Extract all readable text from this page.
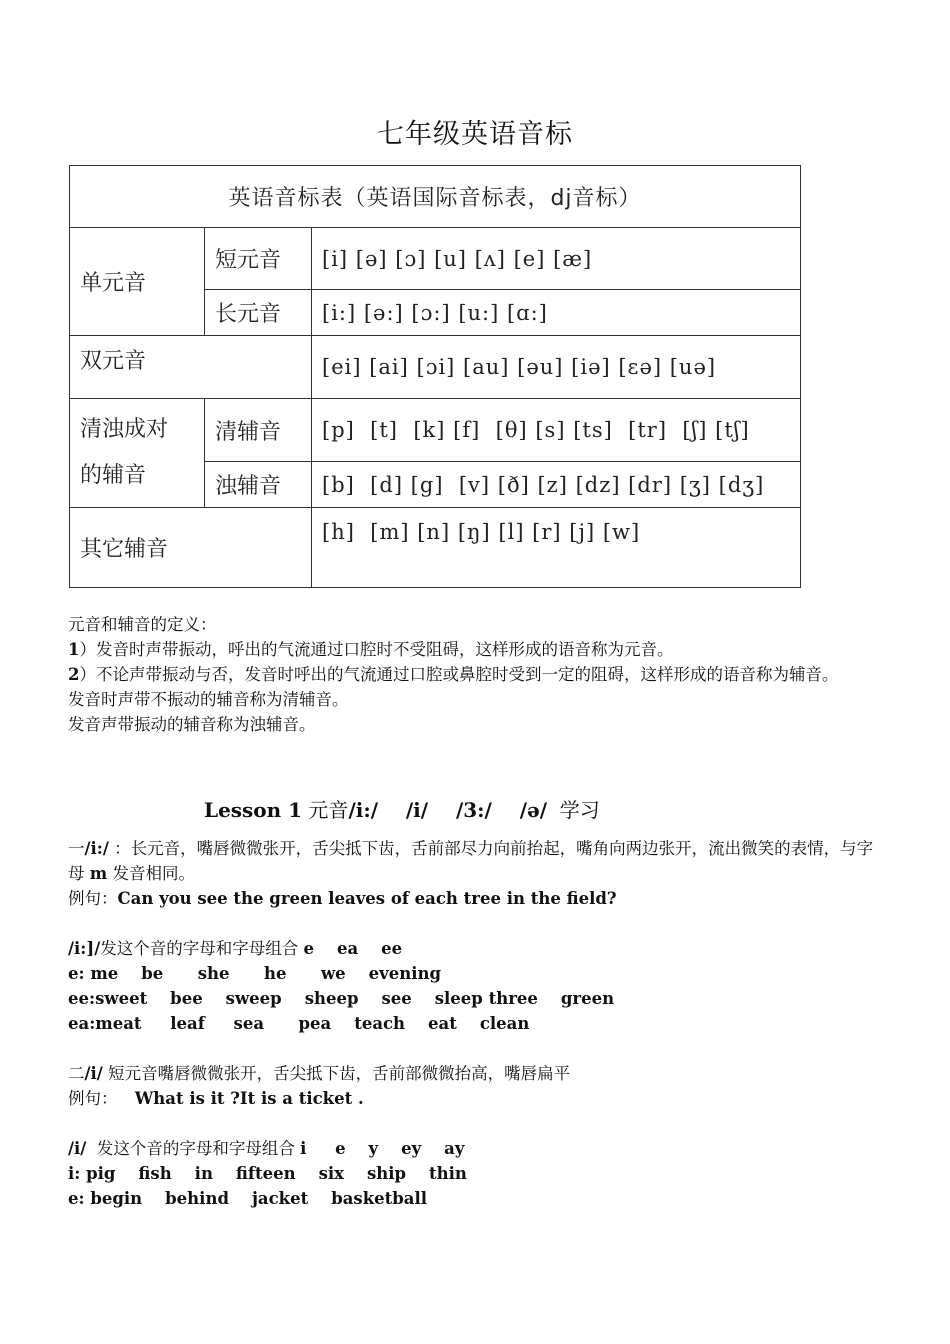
七年级英语音标
英语音标表（英语国际音标表，dj音标）		
单元音	短元音	[i] [ə] [ɔ] [u] [ʌ] [e] [æ]
	长元音	[i:] [ə:] [ɔ:] [u:] [ɑ:]
双元音		[ei] [ai] [ɔi] [au] [əu] [iə] [εə] [uə]
清浊成对
的辅音	清辅音	[p]  [t]  [k] [f]  [θ] [s] [ts]  [tr]  [ʃ] [tʃ]
	浊辅音	[b]  [d] [g]  [v] [ð] [z] [dz] [dr] [ʒ] [dʒ]
其它辅音		[h]  [m] [n] [ŋ] [l] [r] [j] [w]

元音和辅音的定义：

1）发音时声带振动，呼出的气流通过口腔时不受阻碍，这样形成的语音称为元音。

2）不论声带振动与否，发音时呼出的气流通过口腔或鼻腔时受到一定的阻碍，这样形成的语音称为辅音。

发音时声带不振动的辅音称为清辅音。

发音声带振动的辅音称为浊辅音。

Lesson 1 元音/i:/    /i/    /3:/    /ə/  学习

一/i:/ ：长元音，嘴唇微微张开，舌尖抵下齿，舌前部尽力向前抬起，嘴角向两边张开，流出微笑的表情，与字母 m 发音相同。

例句：Can you see the green leaves of each tree in the field?

/i:]/发这个音的字母和字母组合 e    ea    ee

e: me    be      she      he      we    evening

ee:sweet    bee    sweep    sheep    see    sleep three    green

ea:meat     leaf     sea      pea    teach    eat    clean

二/i/ 短元音嘴唇微微张开，舌尖抵下齿，舌前部微微抬高，嘴唇扁平

例句：   What is it ?It is a ticket .

/i/  发这个音的字母和字母组合 i     e    y    ey    ay

i: pig    fish    in    fifteen    six    ship    thin

e: begin    behind    jacket    basketball
